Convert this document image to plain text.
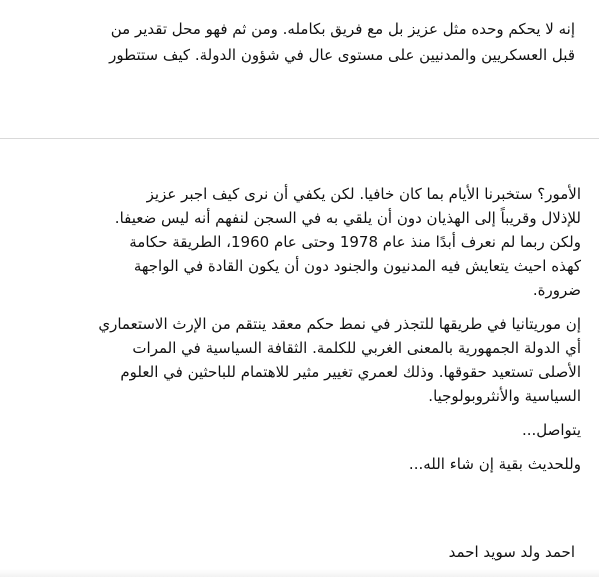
إنه لا يحكم وحده مثل عزيز بل مع فريق بكامله. ومن ثم فهو محل تقدير من
قبل العسكريين والمدنيين على مستوى عال في شؤون الدولة. كيف ستتطور
الأمور؟ ستخبرنا الأيام بما كان خافيا. لكن يكفي أن نرى كيف اجبر عزيز
للإذلال وقريباً إلى الهذيان دون أن يلقي به في السجن لنفهم أنه ليس ضعيفا.
ولكن ربما لم نعرف أبدًا منذ عام 1978 وحتى عام 1960، الطريقة حكامة
كهذه احيث يتعايش فيه المدنيون والجنود دون أن يكون القادة في الواجهة
ضرورة.
إن موريتانيا في طريقها للتجذر في نمط حكم معقد ينتقم من الإرث الاستعماري
أي الدولة الجمهورية بالمعنى الغربي للكلمة. الثقافة السياسية في المرات
الأصلى تستعيد حقوقها. وذلك لعمري تغيير مثير للاهتمام للباحثين في العلوم
السياسية والأنثروبولوجيا.
يتواصل...
وللحديث بقية إن شاء الله...
احمد ولد سويد احمد
